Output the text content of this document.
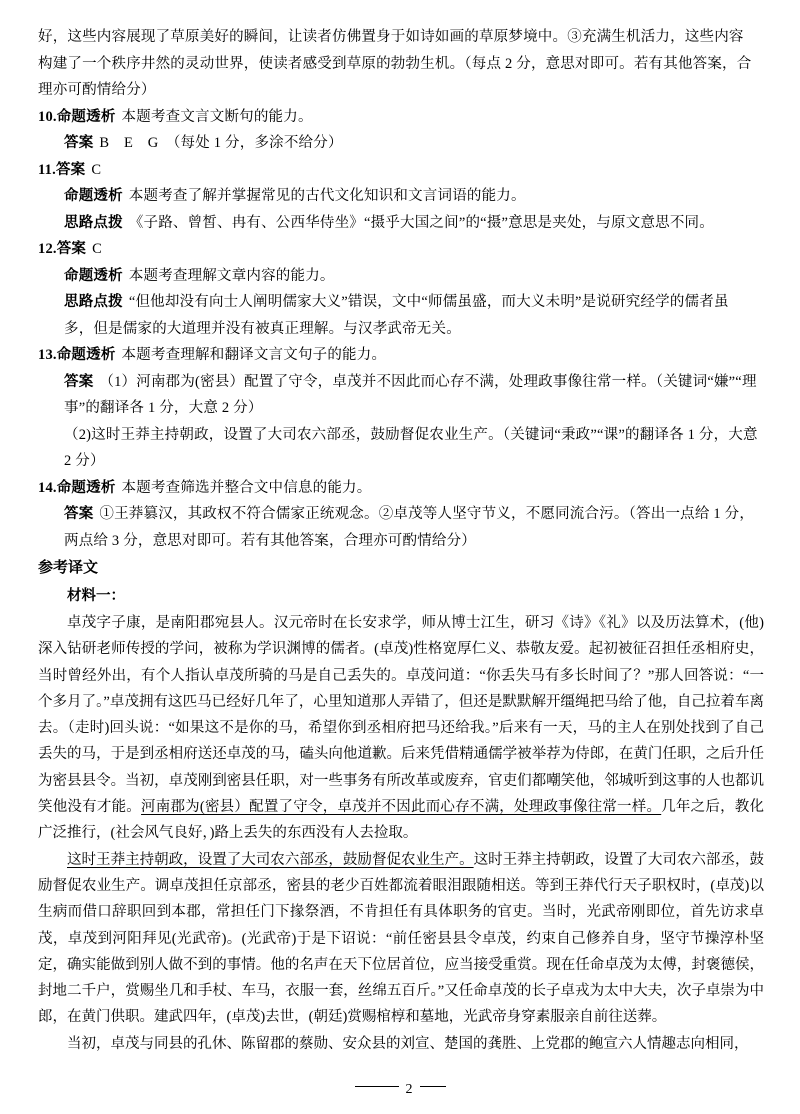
好，这些内容展现了草原美好的瞬间，让读者仿佛置身于如诗如画的草原梦境中。③充满生机活力，这些内容
构建了一个秩序井然的灵动世界，使读者感受到草原的勃勃生机。（每点 2 分，意思对即可。若有其他答案，合
理亦可酌情给分）
10.命题透析 本题考查文言文断句的能力。
答案 B　E　G　（每处 1 分，多涂不给分）
11.答案 C
命题透析 本题考查了解并掌握常见的古代文化知识和文言词语的能力。
思路点拨 《子路、曾皙、冉有、公西华侍坐》“摄乎大国之间”的“摄”意思是夹处，与原文意思不同。
12.答案 C
命题透析 本题考查理解文章内容的能力。
思路点拨 “但他却没有向士人阐明儒家大义”错误，文中“师儒虽盛，而大义未明”是说研究经学的儒者虽
多，但是儒家的大道理并没有被真正理解。与汉孝武帝无关。
13.命题透析 本题考查理解和翻译文言文句子的能力。
答案 （1）河南郡为(密县）配置了守令，卓茂并不因此而心存不满，处理政事像往常一样。（关键词“嫌”“理
事”的翻译各 1 分，大意 2 分）
（2)这时王莽主持朝政，设置了大司农六部丞，鼓励督促农业生产。（关键词“秉政”“课”的翻译各 1 分，大意
2 分）
14.命题透析 本题考查筛选并整合文中信息的能力。
答案 ①王莽篡汉，其政权不符合儒家正统观念。②卓茂等人坚守节义，不愿同流合污。（答出一点给 1 分，
两点给 3 分，意思对即可。若有其他答案，合理亦可酌情给分）
参考译文
材料一：
卓茂字子康，是南阳郡宛县人。汉元帝时在长安求学，师从博士江生，研习《诗》《礼》以及历法算术，(他)深入钻研老师传授的学问，被称为学识渊博的儒者。(卓茂)性格宽厚仁义、恭敬友爱。起初被征召担任丞相府史，当时曾经外出，有个人指认卓茂所骑的马是自己丢失的。卓茂问道：“你丢失马有多长时间了？”那人回答说：“一个多月了。”卓茂拥有这匹马已经好几年了，心里知道那人弄错了，但还是默默解开缰绳把马给了他，自己拉着车离去。（走时)回头说：“如果这不是你的马，希望你到丞相府把马还给我。”后来有一天，马的主人在别处找到了自己丢失的马，于是到丞相府送还卓茂的马，磕头向他道歉。后来凭借精通儒学被举荐为侍郎，在黄门任职，之后升任为密县县令。当初，卓茂刚到密县任职，对一些事务有所改革或废弃，官吏们都嘲笑他，邻城听到这事的人也都讥笑他没有才能。河南郡为(密县）配置了守令，卓茂并不因此而心存不满，处理政事像往常一样。几年之后，教化广泛推行，(社会风气良好，)路上丢失的东西没有人去捡取。
这时王莽主持朝政，设置了大司农六部丞，鼓励督促农业生产。这时王莽主持朝政，设置了大司农六部丞，鼓励督促农业生产。调卓茂担任京部丞，密县的老少百姓都流着眼泪跟随相送。等到王莽代行天子职权时，(卓茂)以生病而借口辞职回到本郡，常担任门下掾祭酒，不肯担任有具体职务的官吏。当时，光武帝刚即位，首先访求卓茂，卓茂到河阳拜见(光武帝)。(光武帝)于是下诏说：“前任密县县令卓茂，约束自己修养自身，坚守节操淳朴坚定，确实能做到别人做不到的事情。他的名声在天下位居首位，应当接受重赏。现在任命卓茂为太傅，封褒德侯，封地二千户，赏赐坐几和手杖、车马，衣服一套，丝绵五百斤。”又任命卓茂的长子卓戎为太中大夫，次子卓崇为中郎，在黄门供职。建武四年，(卓茂)去世，(朝廷)赏赐棺椁和墓地，光武帝身穿素服亲自前往送葬。
当初，卓茂与同县的孔休、陈留郡的蔡勋、安众县的刘宣、楚国的龚胜、上党郡的鲍宣六人情趣志向相同，
2
